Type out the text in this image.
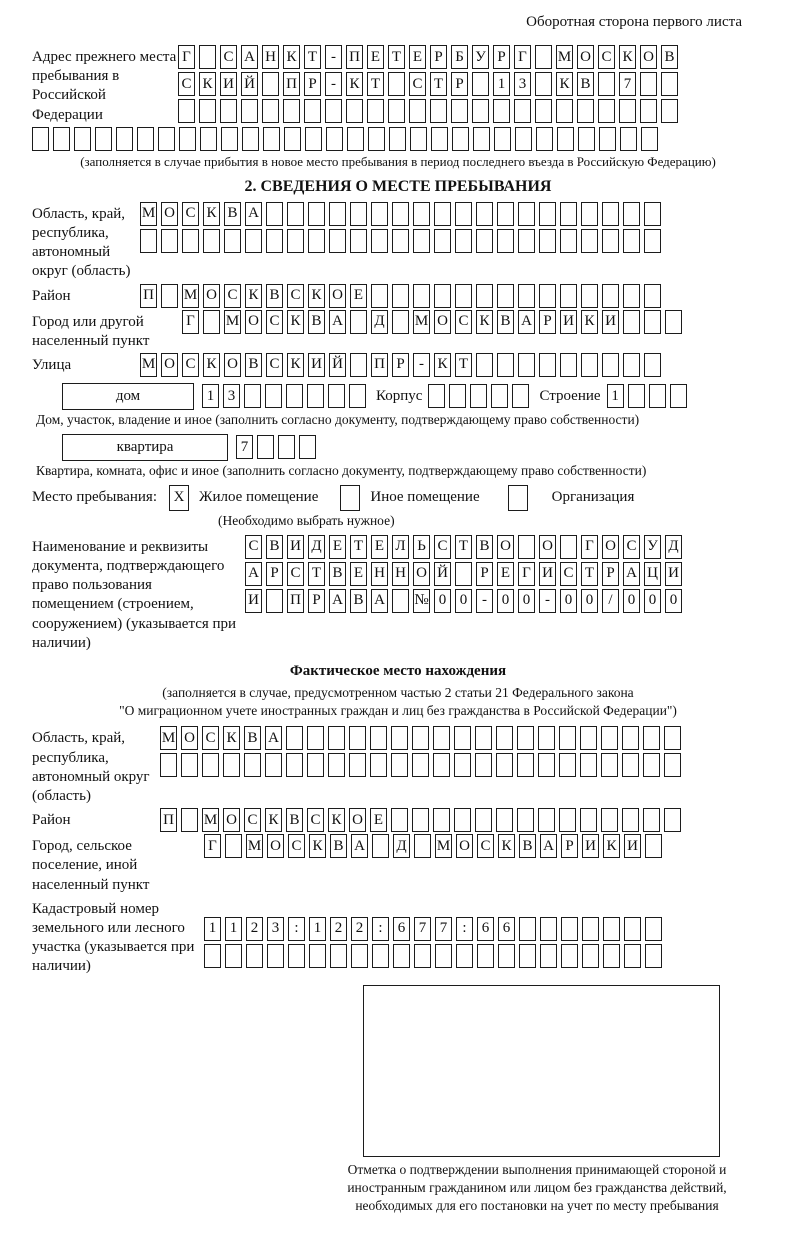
Оборотная сторона первого листа
Адрес прежнего места пребывания в Российской Федерации
Г С А Н К Т - П Е Т Е Р Б У Р Г М О С К О В
С К И Й П Р - К Т С Т Р	1 3	К В	7
(заполняется в случае прибытия в новое место пребывания в период последнего въезда в Российскую Федерацию)
2. СВЕДЕНИЯ О МЕСТЕ ПРЕБЫВАНИЯ
Область, край, республика, автономный округ (область)
М О С К В А
Район	П М О С К В С К О Е
Город или другой населенный пункт
Г М О С К В А Д М О С К В А Р И К И
Улица	М О С К О В С К И Й П Р - К Т
дом	1 3	Корпус	Строение 1
Дом, участок, владение и иное (заполнить согласно документу, подтверждающему право собственности)
квартира	7
Квартира, комната, офис и иное (заполнить согласно документу, подтверждающему право собственности)
Место пребывания:	X Жилое помещение	Иное помещение	Организация
(Необходимо выбрать нужное)
Наименование и реквизиты документа, подтверждающего право пользования помещением (строением, сооружением) (указывается при наличии)
С В И Д Е Т Е Л Ь С Т В О О Г О С У Д
А Р С Т В Е Н Н О Й Р Е Г И С Т Р А Ц И
И П Р А В А № 0 0 - 0 0 - 0 0	/	0 0 0
Фактическое место нахождения
(заполняется в случае, предусмотренном частью 2 статьи 21 Федерального закона
"О миграционном учете иностранных граждан и лиц без гражданства в Российской Федерации")
Область, край, республика, автономный округ (область)
М О С К В А
Район	П М О С К В С К О Е
Город, сельское поселение, иной населенный пункт
Г М О С К В А Д М О С К В А Р И К И
Кадастровый номер земельного или лесного участка (указывается при наличии)
1 1 2 3	:	1 2 2	:	6 7 7	:	6 6
Отметка о подтверждении выполнения принимающей стороной и иностранным гражданином или лицом без гражданства действий, необходимых для его постановки на учет по месту пребывания
